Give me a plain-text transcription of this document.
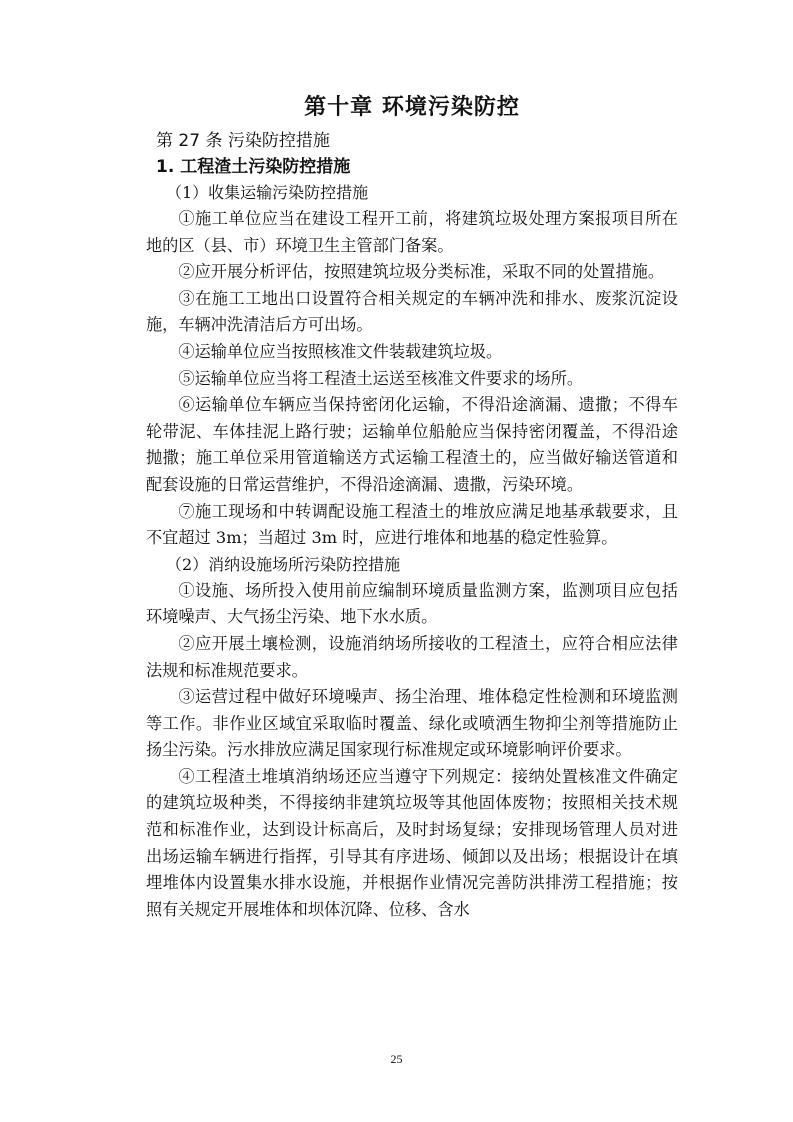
第十章 环境污染防控

第 27 条 污染防控措施

1. 工程渣土污染防控措施

（1）收集运输污染防控措施

①施工单位应当在建设工程开工前，将建筑垃圾处理方案报项目所在地的区（县、市）环境卫生主管部门备案。

②应开展分析评估，按照建筑垃圾分类标准，采取不同的处置措施。

③在施工工地出口设置符合相关规定的车辆冲洗和排水、废浆沉淀设施，车辆冲洗清洁后方可出场。

④运输单位应当按照核准文件装载建筑垃圾。

⑤运输单位应当将工程渣土运送至核准文件要求的场所。

⑥运输单位车辆应当保持密闭化运输，不得沿途滴漏、遗撒；不得车轮带泥、车体挂泥上路行驶；运输单位船舱应当保持密闭覆盖，不得沿途抛撒；施工单位采用管道输送方式运输工程渣土的，应当做好输送管道和配套设施的日常运营维护，不得沿途滴漏、遗撒，污染环境。

⑦施工现场和中转调配设施工程渣土的堆放应满足地基承载要求，且不宜超过 3m；当超过 3m 时，应进行堆体和地基的稳定性验算。

（2）消纳设施场所污染防控措施

①设施、场所投入使用前应编制环境质量监测方案，监测项目应包括环境噪声、大气扬尘污染、地下水水质。

②应开展土壤检测，设施消纳场所接收的工程渣土，应符合相应法律法规和标准规范要求。

③运营过程中做好环境噪声、扬尘治理、堆体稳定性检测和环境监测等工作。非作业区域宜采取临时覆盖、绿化或喷洒生物抑尘剂等措施防止扬尘污染。污水排放应满足国家现行标准规定或环境影响评价要求。

④工程渣土堆填消纳场还应当遵守下列规定：接纳处置核准文件确定的建筑垃圾种类，不得接纳非建筑垃圾等其他固体废物；按照相关技术规范和标准作业，达到设计标高后，及时封场复绿；安排现场管理人员对进出场运输车辆进行指挥，引导其有序进场、倾卸以及出场；根据设计在填埋堆体内设置集水排水设施，并根据作业情况完善防洪排涝工程措施；按照有关规定开展堆体和坝体沉降、位移、含水

25
